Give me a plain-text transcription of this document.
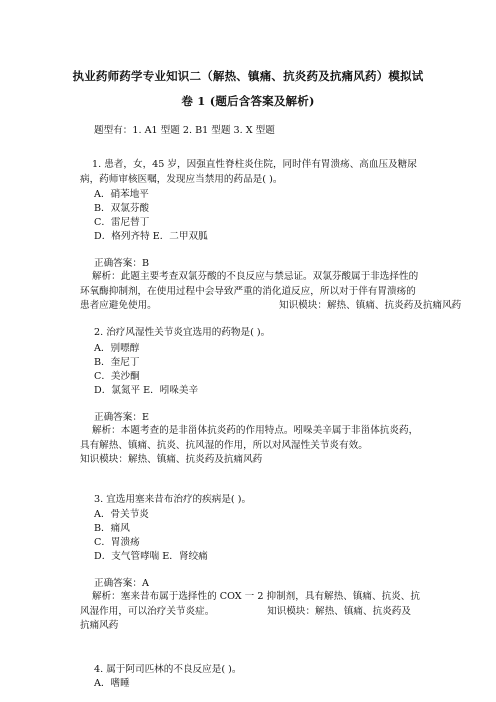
执业药师药学专业知识二（解热、镇痛、抗炎药及抗痛风药）模拟试
卷 1 (题后含答案及解析)
题型有：1. A1 型题 2. B1 型题 3. X 型题
1. 患者，女，45 岁，因强直性脊柱炎住院，同时伴有胃溃疡、高血压及糖尿病，药师审核医嘱，发现应当禁用的药品是( )。
A．硝苯地平
B．双氯芬酸
C．雷尼替丁
D．格列齐特 E．二甲双胍
正确答案：B
解析：此题主要考查双氯芬酸的不良反应与禁忌证。双氯芬酸属于非选择性的环氧酶抑制剂，在使用过程中会导致严重的消化道反应，所以对于伴有胃溃疡的患者应避免使用。	知识模块：解热、镇痛、抗炎药及抗痛风药
2. 治疗风湿性关节炎宜选用的药物是( )。
A．别嘌醇
B．奎尼丁
C．美沙酮
D．氯氮平 E．吲哚美辛
正确答案：E
解析：本题考查的是非甾体抗炎药的作用特点。吲哚美辛属于非甾体抗炎药，具有解热、镇痛、抗炎、抗风湿的作用，所以对风湿性关节炎有效。　　　　　　知识模块：解热、镇痛、抗炎药及抗痛风药
3. 宜选用塞来昔布治疗的疾病是( )。
A．骨关节炎
B．痛风
C．胃溃疡
D．支气管哮喘 E．肾绞痛
正确答案：A
解析：塞来昔布属于选择性的 COX 一 2 抑制剂，具有解热、镇痛、抗炎、抗风湿作用，可以治疗关节炎症。　　　　　　知识模块：解热、镇痛、抗炎药及抗痛风药
4. 属于阿司匹林的不良反应是( )。
A．嗜睡
